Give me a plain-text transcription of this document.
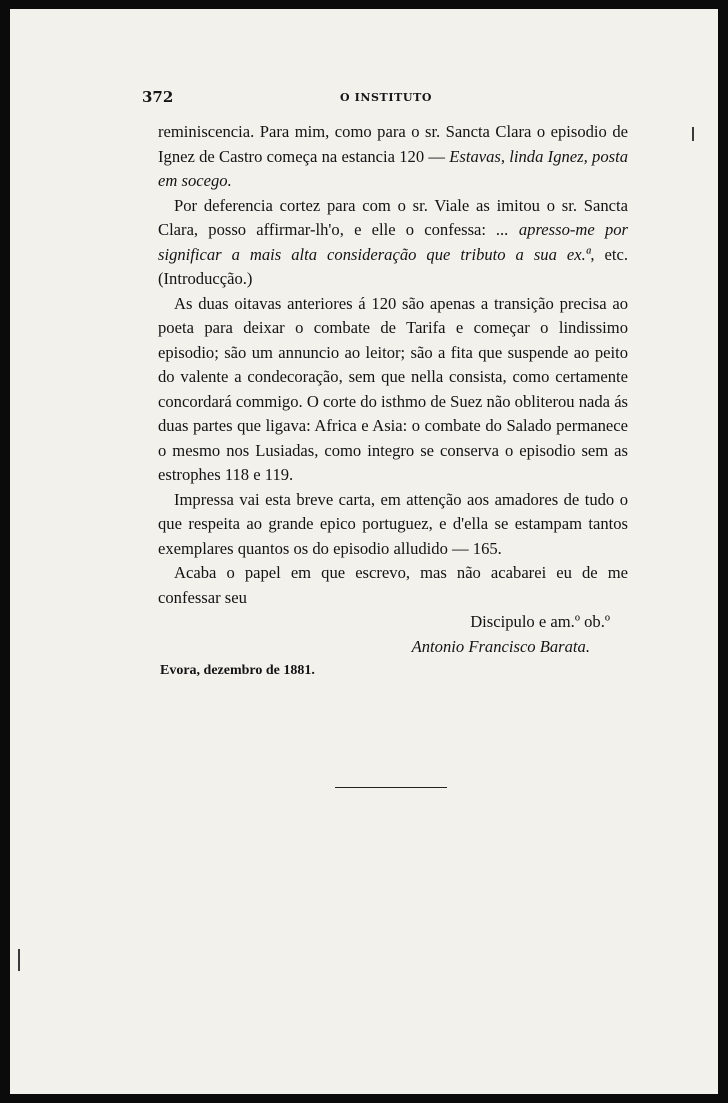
372	O INSTITUTO

reminiscencia. Para mim, como para o sr. Sancta Clara o episodio de Ignez de Castro começa na estancia 120 — Estavas, linda Ignez, posta em socego.

Por deferencia cortez para com o sr. Viale as imitou o sr. Sancta Clara, posso affirmar-lh'o, e elle o confessa: ... apresso-me por significar a mais alta consideração que tributo a sua ex.ª, etc. (Introducção.)

As duas oitavas anteriores á 120 são apenas a transição precisa ao poeta para deixar o combate de Tarifa e começar o lindissimo episodio; são um annuncio ao leitor; são a fita que suspende ao peito do valente a condecoração, sem que nella consista, como certamente concordará commigo. O corte do isthmo de Suez não obliterou nada ás duas partes que ligava: Africa e Asia: o combate do Salado permanece o mesmo nos Lusiadas, como integro se conserva o episodio sem as estrophes 118 e 119.

Impressa vai esta breve carta, em attenção aos amadores de tudo o que respeita ao grande epico portuguez, e d'ella se estampam tantos exemplares quantos os do episodio alludido — 165.

Acaba o papel em que escrevo, mas não acabarei eu de me confessar seu

Discipulo e am.º ob.º

Antonio Francisco Barata.

Evora, dezembro de 1881.
